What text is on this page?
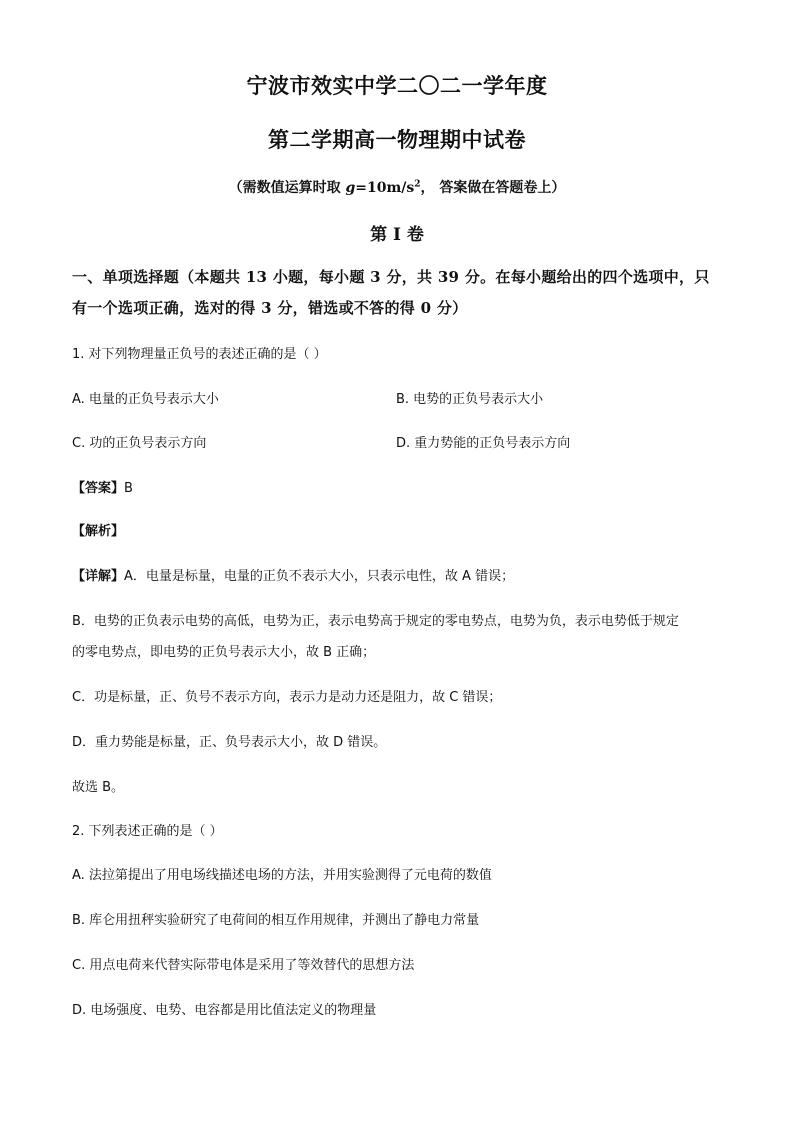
宁波市效实中学二〇二一学年度
第二学期高一物理期中试卷
（需数值运算时取 $g=10m/s^2$， 答案做在答题卷上）
第 I 卷
一、单项选择题（本题共 13 小题，每小题 3 分，共 39 分。在每小题给出的四个选项中，只
有一个选项正确，选对的得 3 分，错选或不答的得 0 分）
1. 对下列物理量正负号的表述正确的是（ ）
A. 电量的正负号表示大小	B. 电势的正负号表示大小
C. 功的正负号表示方向	D. 重力势能的正负号表示方向
【答案】B
【解析】
【详解】A．电量是标量，电量的正负不表示大小，只表示电性，故 A 错误；
B．电势的正负表示电势的高低，电势为正，表示电势高于规定的零电势点，电势为负，表示电势低于规定
的零电势点，即电势的正负号表示大小，故 B 正确；
C．功是标量，正、负号不表示方向，表示力是动力还是阻力，故 C 错误；
D．重力势能是标量，正、负号表示大小，故 D 错误。
故选 B。
2. 下列表述正确的是（ ）
A. 法拉第提出了用电场线描述电场的方法，并用实验测得了元电荷的数值
B. 库仑用扭秤实验研究了电荷间的相互作用规律，并测出了静电力常量
C. 用点电荷来代替实际带电体是采用了等效替代的思想方法
D. 电场强度、电势、电容都是用比值法定义的物理量
